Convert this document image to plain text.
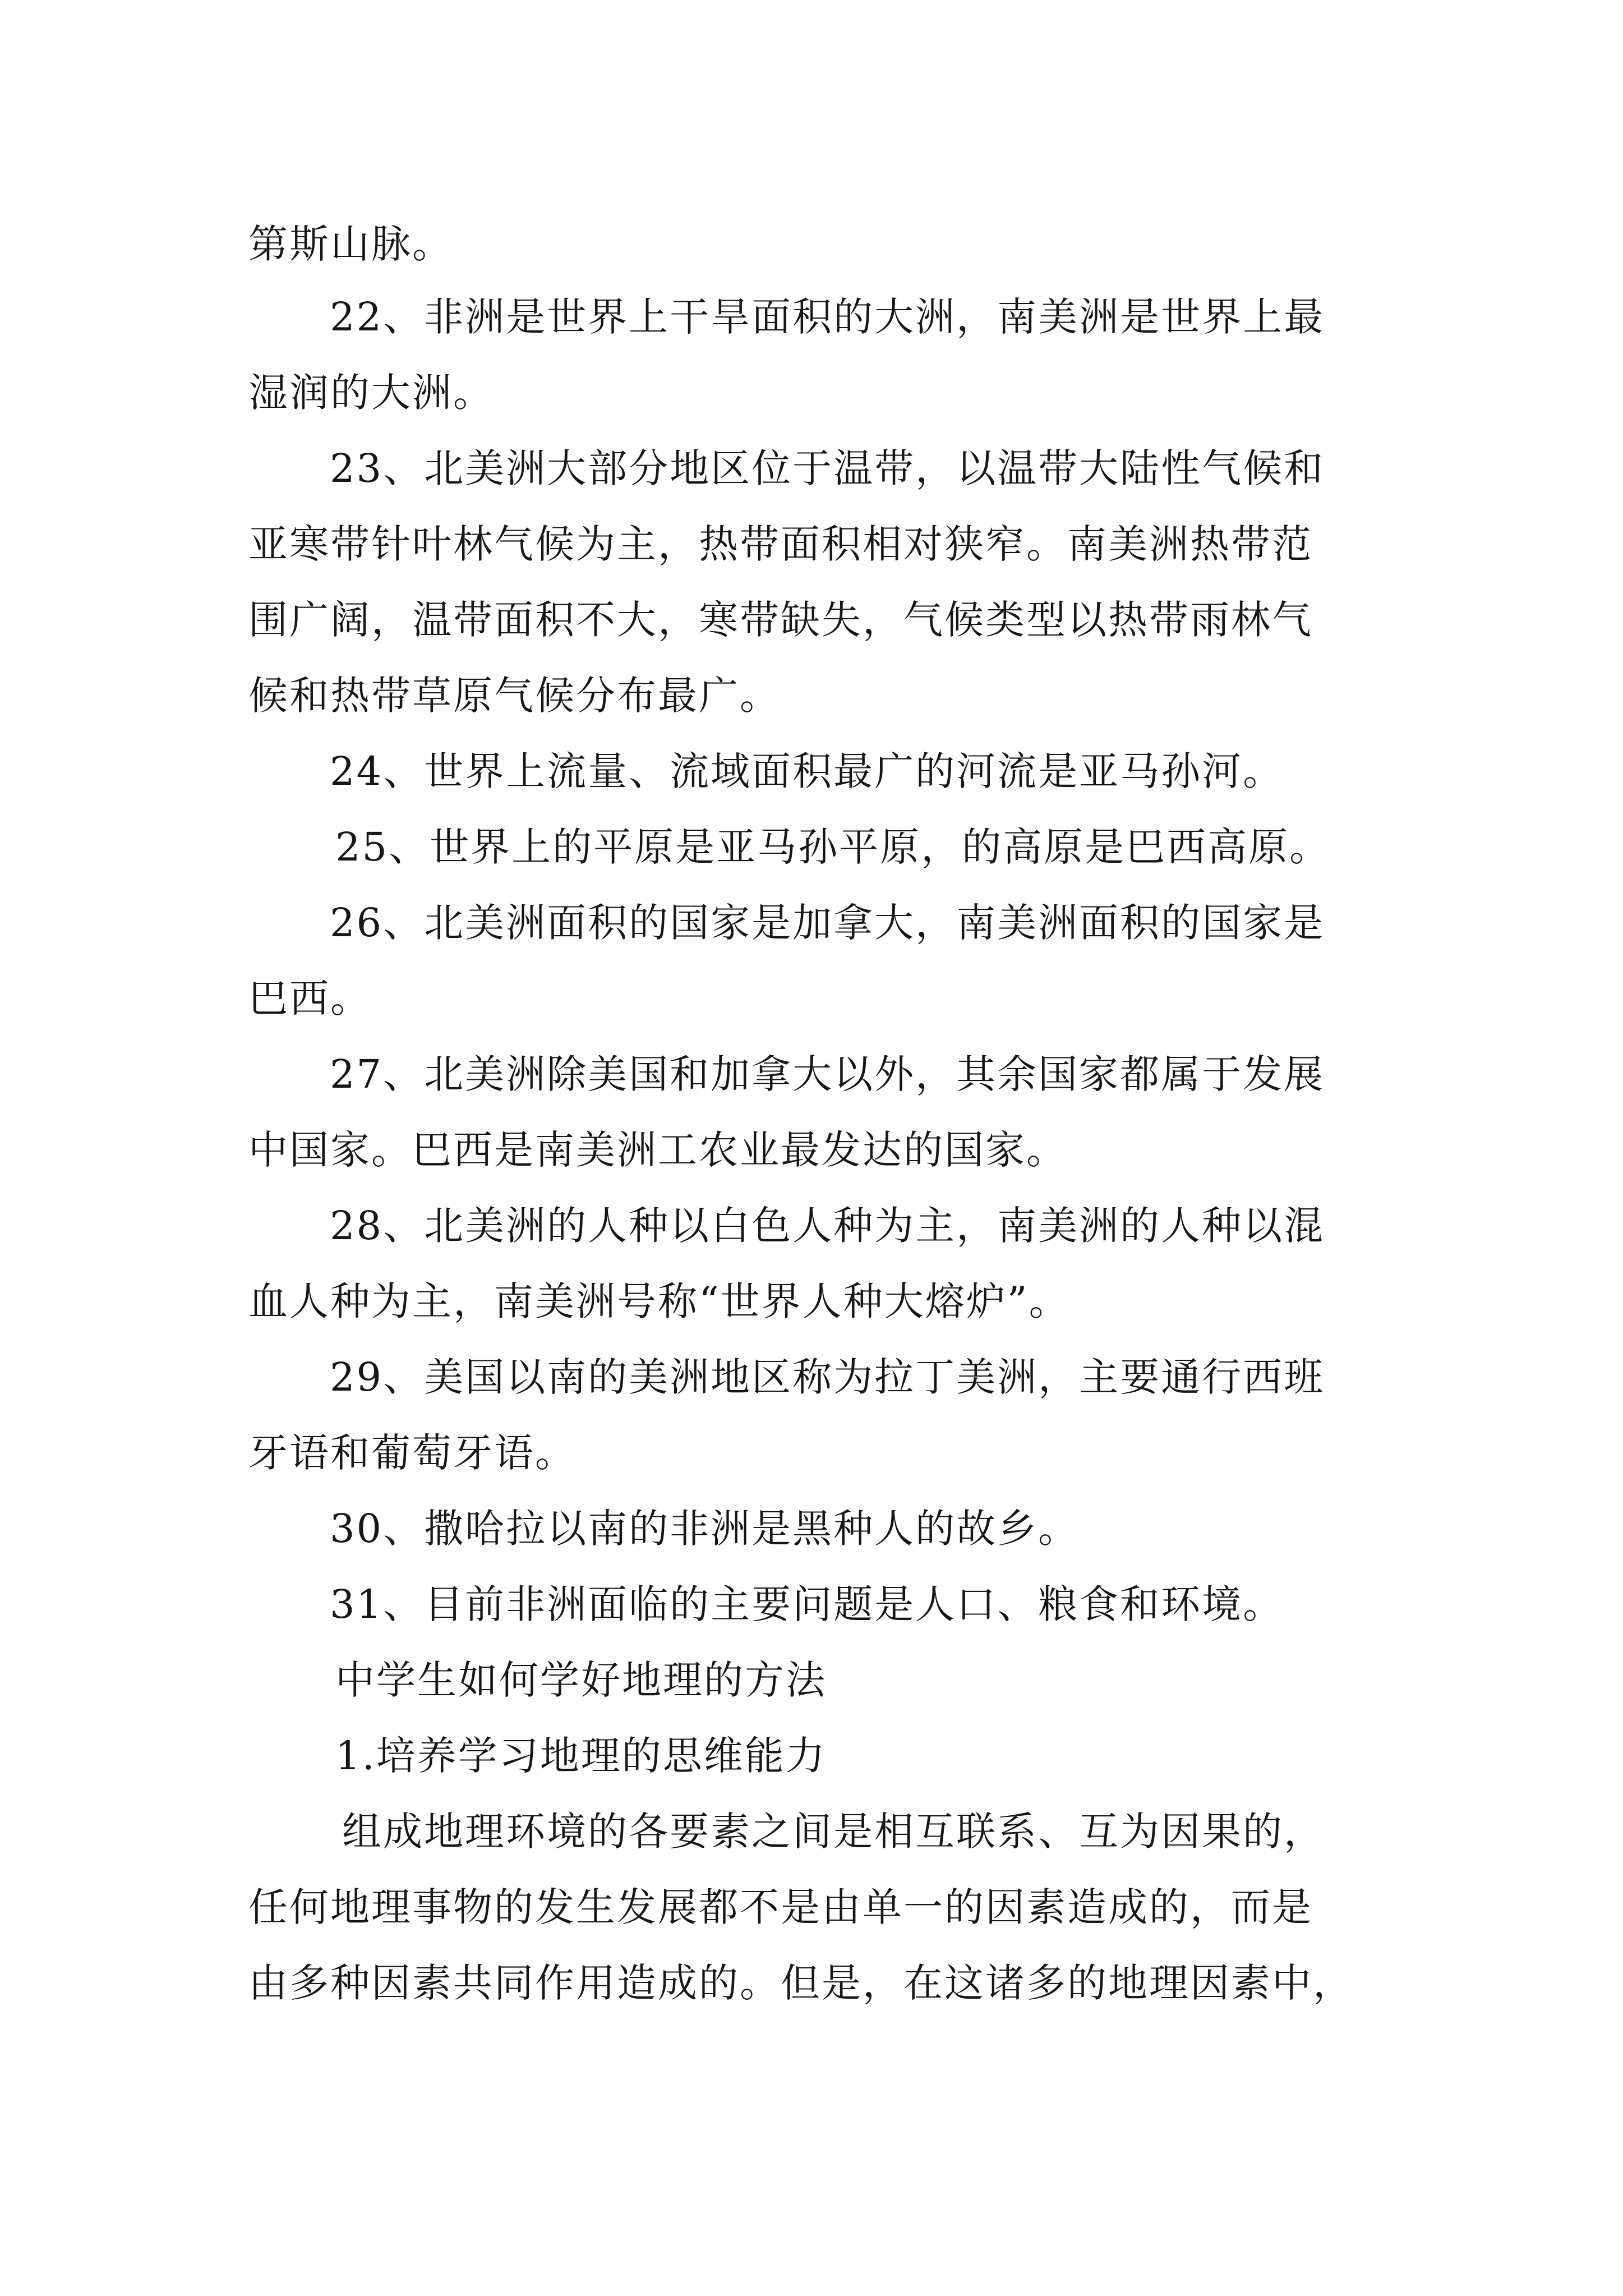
第斯山脉。
22、非洲是世界上干旱面积的大洲，南美洲是世界上最
湿润的大洲。
23、北美洲大部分地区位于温带，以温带大陆性气候和
亚寒带针叶林气候为主，热带面积相对狭窄。南美洲热带范
围广阔，温带面积不大，寒带缺失，气候类型以热带雨林气
候和热带草原气候分布最广。
24、世界上流量、流域面积最广的河流是亚马孙河。
25、世界上的平原是亚马孙平原，的高原是巴西高原。
26、北美洲面积的国家是加拿大，南美洲面积的国家是
巴西。
27、北美洲除美国和加拿大以外，其余国家都属于发展
中国家。巴西是南美洲工农业最发达的国家。
28、北美洲的人种以白色人种为主，南美洲的人种以混
血人种为主，南美洲号称“世界人种大熔炉”。
29、美国以南的美洲地区称为拉丁美洲，主要通行西班
牙语和葡萄牙语。
30、撒哈拉以南的非洲是黑种人的故乡。
31、目前非洲面临的主要问题是人口、粮食和环境。
中学生如何学好地理的方法
1.培养学习地理的思维能力
组成地理环境的各要素之间是相互联系、互为因果的，
任何地理事物的发生发展都不是由单一的因素造成的，而是
由多种因素共同作用造成的。但是，在这诸多的地理因素中，
